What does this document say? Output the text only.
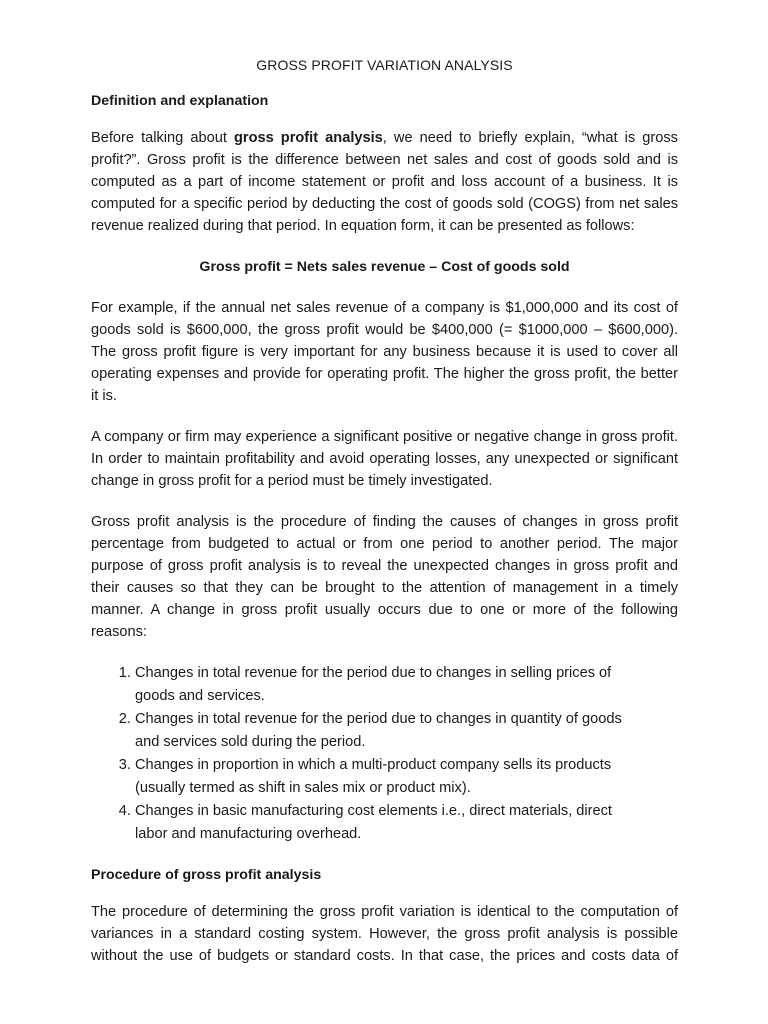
GROSS PROFIT VARIATION ANALYSIS
Definition and explanation

Before talking about gross profit analysis, we need to briefly explain, “what is gross profit?”. Gross profit is the difference between net sales and cost of goods sold and is computed as a part of income statement or profit and loss account of a business. It is computed for a specific period by deducting the cost of goods sold (COGS) from net sales revenue realized during that period. In equation form, it can be presented as follows:

Gross profit = Nets sales revenue – Cost of goods sold

For example, if the annual net sales revenue of a company is $1,000,000 and its cost of goods sold is $600,000, the gross profit would be $400,000 (= $1000,000 – $600,000). The gross profit figure is very important for any business because it is used to cover all operating expenses and provide for operating profit. The higher the gross profit, the better it is.

A company or firm may experience a significant positive or negative change in gross profit. In order to maintain profitability and avoid operating losses, any unexpected or significant change in gross profit for a period must be timely investigated.

Gross profit analysis is the procedure of finding the causes of changes in gross profit percentage from budgeted to actual or from one period to another period. The major purpose of gross profit analysis is to reveal the unexpected changes in gross profit and their causes so that they can be brought to the attention of management in a timely manner. A change in gross profit usually occurs due to one or more of the following reasons:

1. Changes in total revenue for the period due to changes in selling prices of goods and services.
2. Changes in total revenue for the period due to changes in quantity of goods and services sold during the period.
3. Changes in proportion in which a multi-product company sells its products (usually termed as shift in sales mix or product mix).
4. Changes in basic manufacturing cost elements i.e., direct materials, direct labor and manufacturing overhead.
Procedure of gross profit analysis

The procedure of determining the gross profit variation is identical to the computation of variances in a standard costing system. However, the gross profit analysis is possible without the use of budgets or standard costs. In that case, the prices and costs data of
